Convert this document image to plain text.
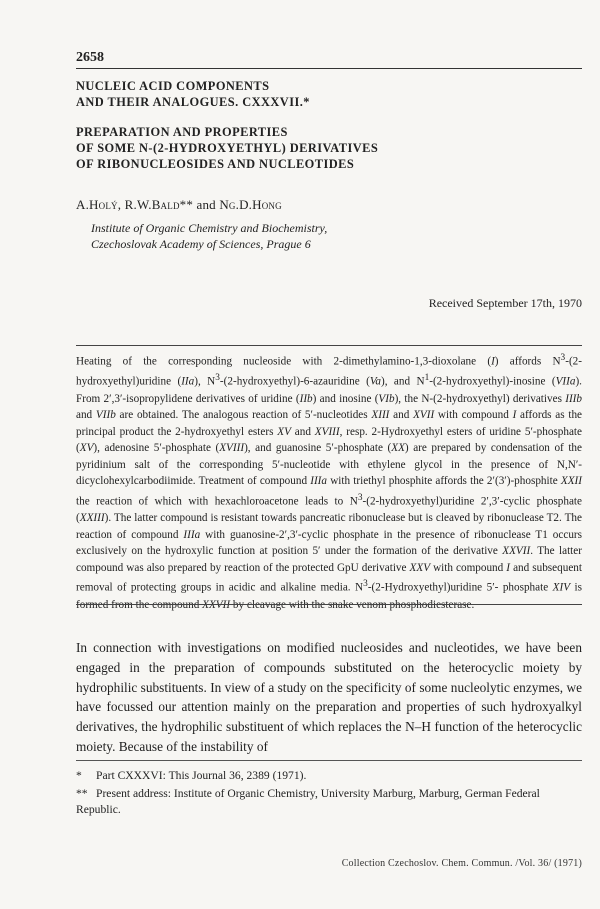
2658
NUCLEIC ACID COMPONENTS
AND THEIR ANALOGUES. CXXXVII.*
PREPARATION AND PROPERTIES
OF SOME N-(2-HYDROXYETHYL) DERIVATIVES
OF RIBONUCLEOSIDES AND NUCLEOTIDES
A.Holý, R.W.Bald** and Ng.D.Hong
Institute of Organic Chemistry and Biochemistry,
Czechoslovak Academy of Sciences, Prague 6
Received September 17th, 1970

Heating of the corresponding nucleoside with 2-dimethylamino-1,3-dioxolane (I) affords $N^3-(2-hydroxyethyl)uridine$ (IIa), $N^3-(2-hydroxyethyl)-6$-azauridine (Va), and $N^1-(2-hydroxyethyl)$-inosine (VIIa). From 2′,3′-isopropylidene derivatives of uridine (IIb) and inosine (VIb), the N-(2-hydroxyethyl) derivatives IIIb and VIIb are obtained. The analogous reaction of 5′-nucleotides XIII and XVII with compound I affords as the principal product the 2-hydroxyethyl esters XV and XVIII, resp. 2-Hydroxyethyl esters of uridine 5′-phosphate (XV), adenosine 5′-phosphate (XVIII), and guanosine 5′-phosphate (XX) are prepared by condensation of the pyridinium salt of the corresponding 5′-nucleotide with ethylene glycol in the presence of N,N′-dicyclohexylcarbodiimide. Treatment of compound IIIa with triethyl phosphite affords the 2′(3′)-phosphite XXII the reaction of which with hexachloroacetone leads to $N^3-(2-hydroxyethyl)uridine$ 2′,3′-cyclic phosphate (XXIII). The latter compound is resistant towards pancreatic ribonuclease but is cleaved by ribonuclease T2. The reaction of compound IIIa with guanosine-2′,3′-cyclic phosphate in the presence of ribonuclease T1 occurs exclusively on the hydroxylic function at position 5′ under the formation of the derivative XXVII. The latter compound was also prepared by reaction of the protected GpU derivative XXV with compound I and subsequent removal of protecting groups in acidic and alkaline media. $N^3-(2-Hydroxyethyl)uridine$ 5′- phosphate XIV is formed from the compound XXVII by cleavage with the snake venom phosphodiesterase.

In connection with investigations on modified nucleosides and nucleotides, we have been engaged in the preparation of compounds substituted on the heterocyclic moiety by hydrophilic substituents. In view of a study on the specificity of some nucleolytic enzymes, we have focussed our attention mainly on the preparation and properties of such hydroxyalkyl derivatives, the hydrophilic substituent of which replaces the N–H function of the heterocyclic moiety. Because of the instability of

* Part CXXXVI: This Journal 36, 2389 (1971).

** Present address: Institute of Organic Chemistry, University Marburg, Marburg, German Federal Republic.

Collection Czechoslov. Chem. Commun. /Vol. 36/ (1971)
